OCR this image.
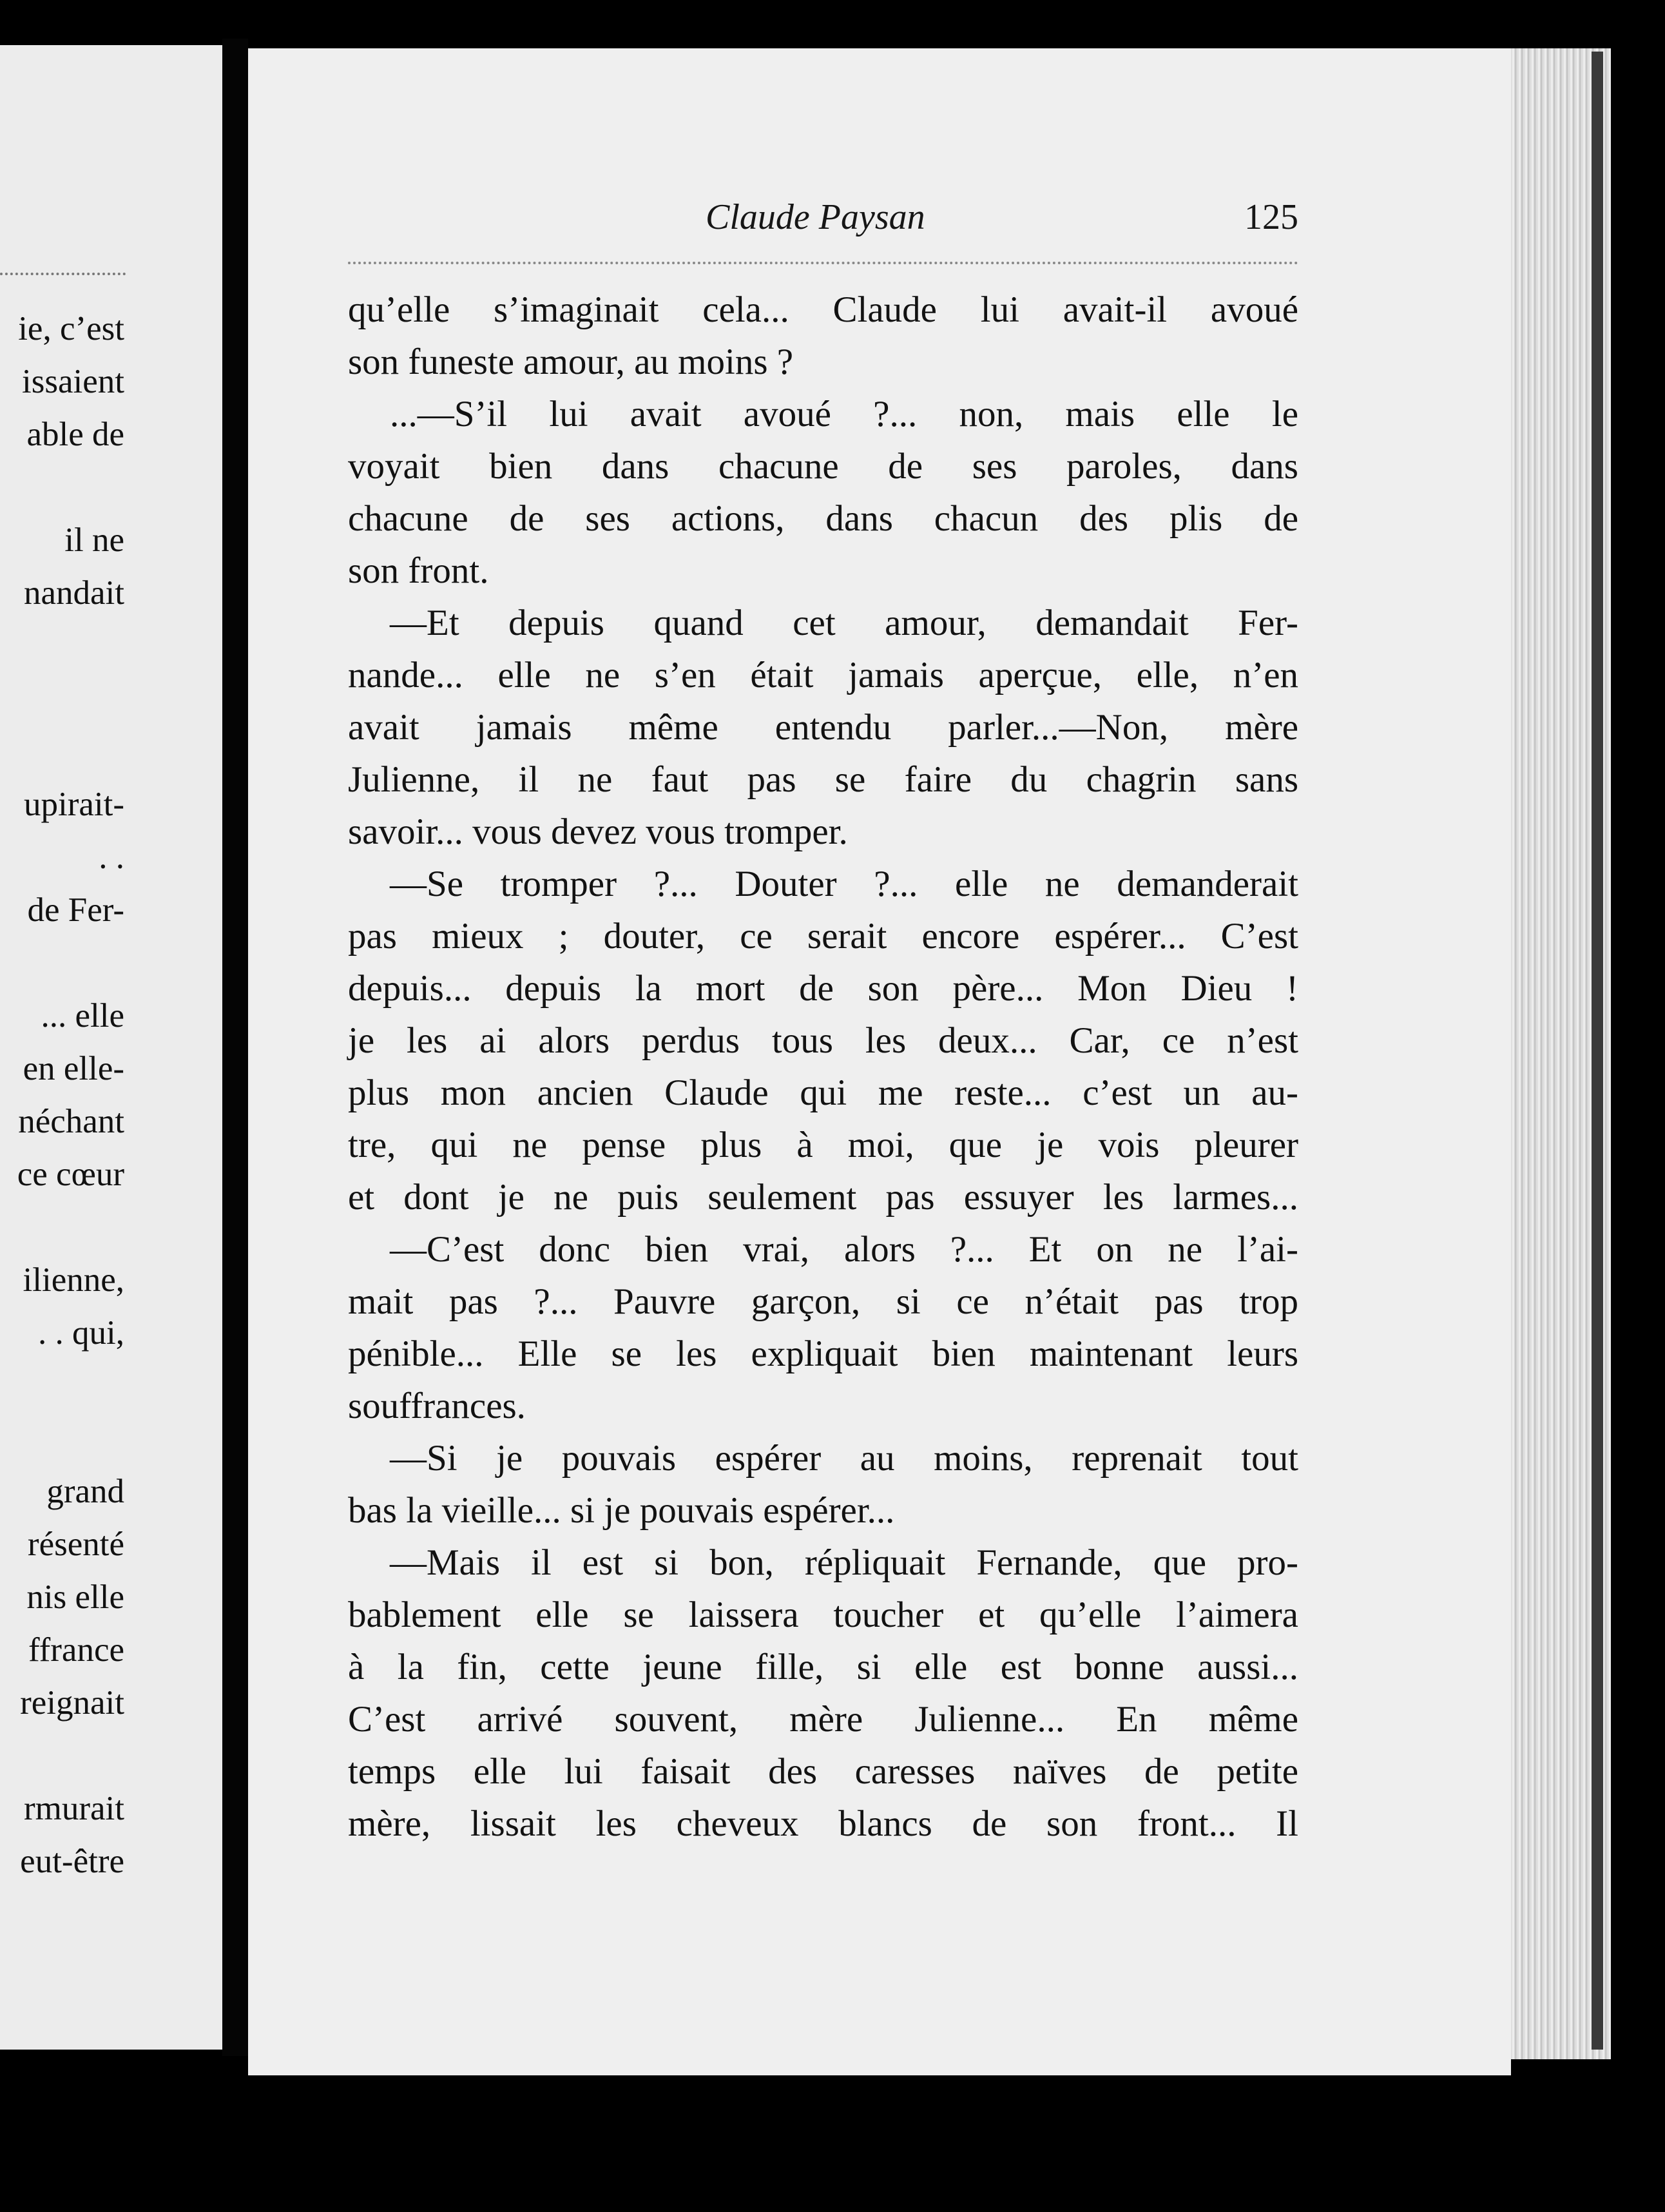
ie, c’est
issaient
able de
il ne
nandait
upirait-
. .
de Fer-
... elle
en elle-
néchant
ce cœur
ilienne,
. . qui,
grand
résenté
nis elle
ffrance
reignait
rmurait
eut-être
Claude Paysan	125
qu’elle s’imaginait cela... Claude lui avait-il avoué
son funeste amour, au moins ?
...—S’il lui avait avoué ?... non, mais elle le
voyait bien dans chacune de ses paroles, dans
chacune de ses actions, dans chacun des plis de
son front.
—Et depuis quand cet amour, demandait Fer-
nande... elle ne s’en était jamais aperçue, elle, n’en
avait jamais même entendu parler...—Non, mère
Julienne, il ne faut pas se faire du chagrin sans
savoir... vous devez vous tromper.
—Se tromper ?... Douter ?... elle ne demanderait
pas mieux ; douter, ce serait encore espérer... C’est
depuis... depuis la mort de son père... Mon Dieu !
je les ai alors perdus tous les deux... Car, ce n’est
plus mon ancien Claude qui me reste... c’est un au-
tre, qui ne pense plus à moi, que je vois pleurer
et dont je ne puis seulement pas essuyer les larmes...
—C’est donc bien vrai, alors ?... Et on ne l’ai-
mait pas ?... Pauvre garçon, si ce n’était pas trop
pénible... Elle se les expliquait bien maintenant leurs
souffrances.
—Si je pouvais espérer au moins, reprenait tout
bas la vieille... si je pouvais espérer...
—Mais il est si bon, répliquait Fernande, que pro-
bablement elle se laissera toucher et qu’elle l’aimera
à la fin, cette jeune fille, si elle est bonne aussi...
C’est arrivé souvent, mère Julienne... En même
temps elle lui faisait des caresses naïves de petite
mère, lissait les cheveux blancs de son front... Il
